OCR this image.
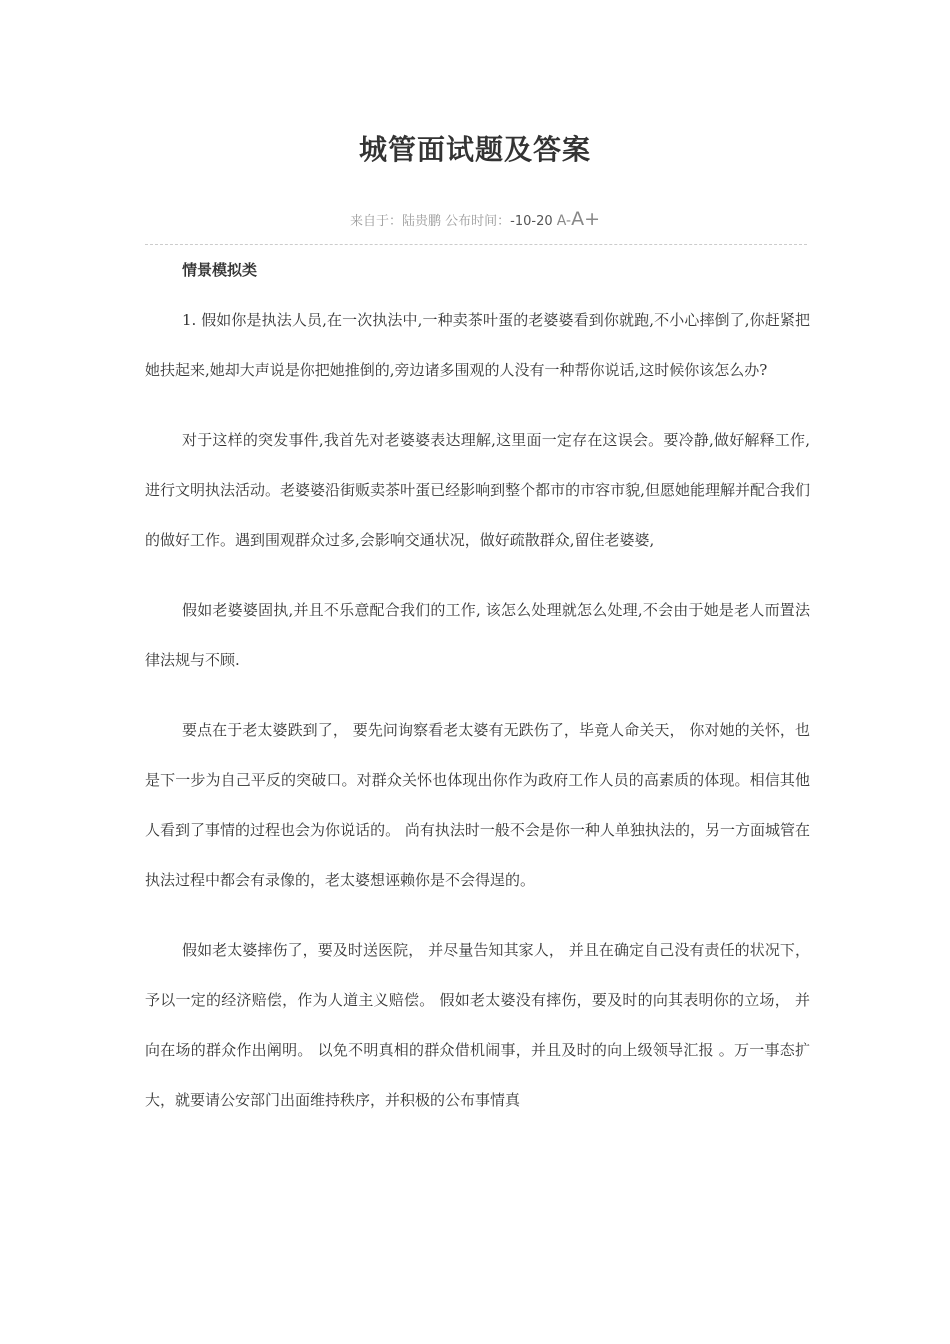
城管面试题及答案
来自于：陆贵鹏 公布时间：-10-20 A-A+

情景模拟类

1. 假如你是执法人员,在一次执法中,一种卖茶叶蛋的老婆婆看到你就跑,不小心摔倒了,你赶紧把她扶起来,她却大声说是你把她推倒的,旁边诸多围观的人没有一种帮你说话,这时候你该怎么办?

对于这样的突发事件,我首先对老婆婆表达理解,这里面一定存在这误会。要冷静,做好解释工作,进行文明执法活动。老婆婆沿街贩卖茶叶蛋已经影响到整个都市的市容市貌,但愿她能理解并配合我们的做好工作。遇到围观群众过多,会影响交通状况，做好疏散群众,留住老婆婆,

假如老婆婆固执,并且不乐意配合我们的工作, 该怎么处理就怎么处理,不会由于她是老人而置法律法规与不顾.

要点在于老太婆跌到了， 要先问询察看老太婆有无跌伤了，毕竟人命关天， 你对她的关怀，也是下一步为自己平反的突破口。对群众关怀也体现出你作为政府工作人员的高素质的体现。相信其他人看到了事情的过程也会为你说话的。 尚有执法时一般不会是你一种人单独执法的，另一方面城管在执法过程中都会有录像的，老太婆想诬赖你是不会得逞的。

假如老太婆摔伤了，要及时送医院， 并尽量告知其家人， 并且在确定自己没有责任的状况下，予以一定的经济赔偿，作为人道主义赔偿。 假如老太婆没有摔伤，要及时的向其表明你的立场， 并向在场的群众作出阐明。 以免不明真相的群众借机闹事，并且及时的向上级领导汇报 。万一事态扩大，就要请公安部门出面维持秩序，并积极的公布事情真
